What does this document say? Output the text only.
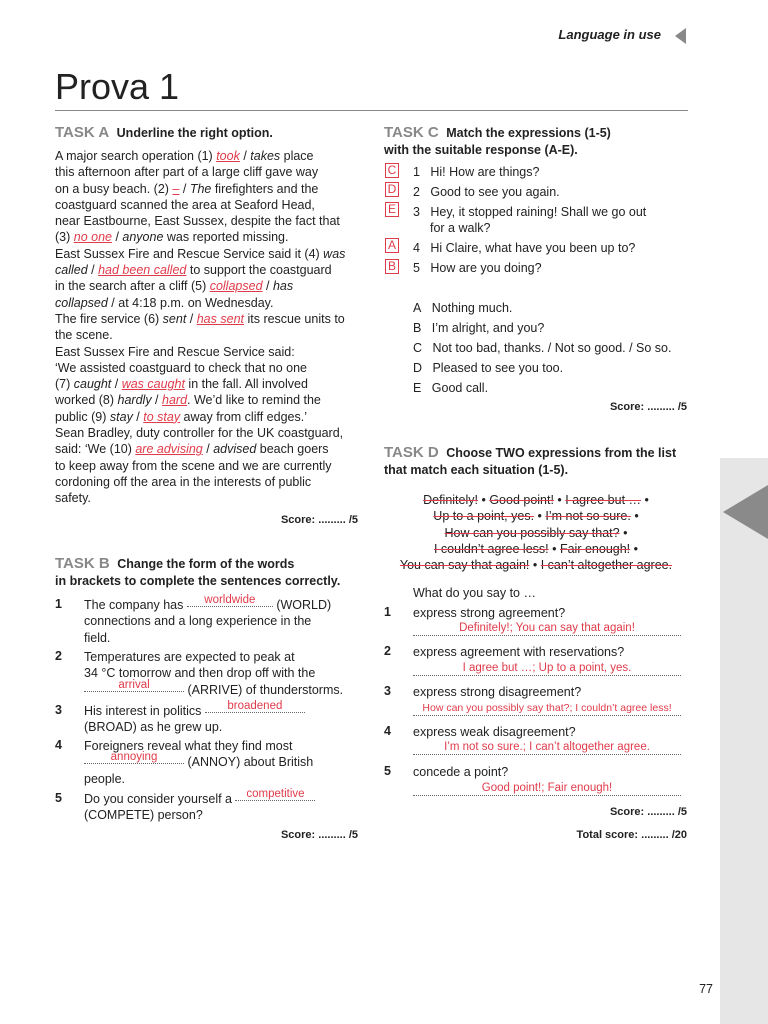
Language in use
Prova 1
TASK A Underline the right option.
A major search operation (1) took / takes place
this afternoon after part of a large cliff gave way
on a busy beach. (2) – / The firefighters and the
coastguard scanned the area at Seaford Head,
near Eastbourne, East Sussex, despite the fact that
(3) no one / anyone was reported missing.
East Sussex Fire and Rescue Service said it (4) was
called / had been called to support the coastguard
in the search after a cliff (5) collapsed / has
collapsed / at 4:18 p.m. on Wednesday.
The fire service (6) sent / has sent its rescue units to
the scene.
East Sussex Fire and Rescue Service said:
‘We assisted coastguard to check that no one
(7) caught / was caught in the fall. All involved
worked (8) hardly / hard. We’d like to remind the
public (9) stay / to stay away from cliff edges.’
Sean Bradley, duty controller for the UK coastguard,
said: ‘We (10) are advising / advised beach goers
to keep away from the scene and we are currently
cordoning off the area in the interests of public
safety.
Score: ......... /5
TASK B Change the form of the words
in brackets to complete the sentences correctly.
1 The company has worldwide (WORLD)
connections and a long experience in the
field.
2 Temperatures are expected to peak at
34 °C tomorrow and then drop off with the
arrival	(ARRIVE) of thunderstorms.
3 His interest in politics broadened
(BROAD) as he grew up.
4 Foreigners reveal what they find most
annoying (ANNOY) about British
people.
5 Do you consider yourself a competitive
(COMPETE) person?
Score: ......... /5
TASK C Match the expressions (1-5)
with the suitable response (A-E).
C 1 Hi! How are things?
D 2 Good to see you again.
E 3 Hey, it stopped raining! Shall we go out
for a walk?
A 4 Hi Claire, what have you been up to?
B 5 How are you doing?
A Nothing much.
B I’m alright, and you?
C Not too bad, thanks. / Not so good. / So so.
D Pleased to see you too.
E Good call.
Score: ......... /5
TASK D Choose TWO expressions from the list
that match each situation (1-5).
Definitely! • Good point! • I agree but … •
Up to a point, yes. • I’m not so sure. •
How can you possibly say that? •
I couldn’t agree less! • Fair enough! •
You can say that again! • I can’t altogether agree.
What do you say to …
1 express strong agreement?
Definitely!; You can say that again!
2 express agreement with reservations?
I agree but …; Up to a point, yes.
3 express strong disagreement?
How can you possibly say that?; I couldn’t agree less!
4 express weak disagreement?
I’m not so sure.; I can’t altogether agree.
5 concede a point?
Good point!; Fair enough!
Score: ......... /5
Total score: ......... /20
77
